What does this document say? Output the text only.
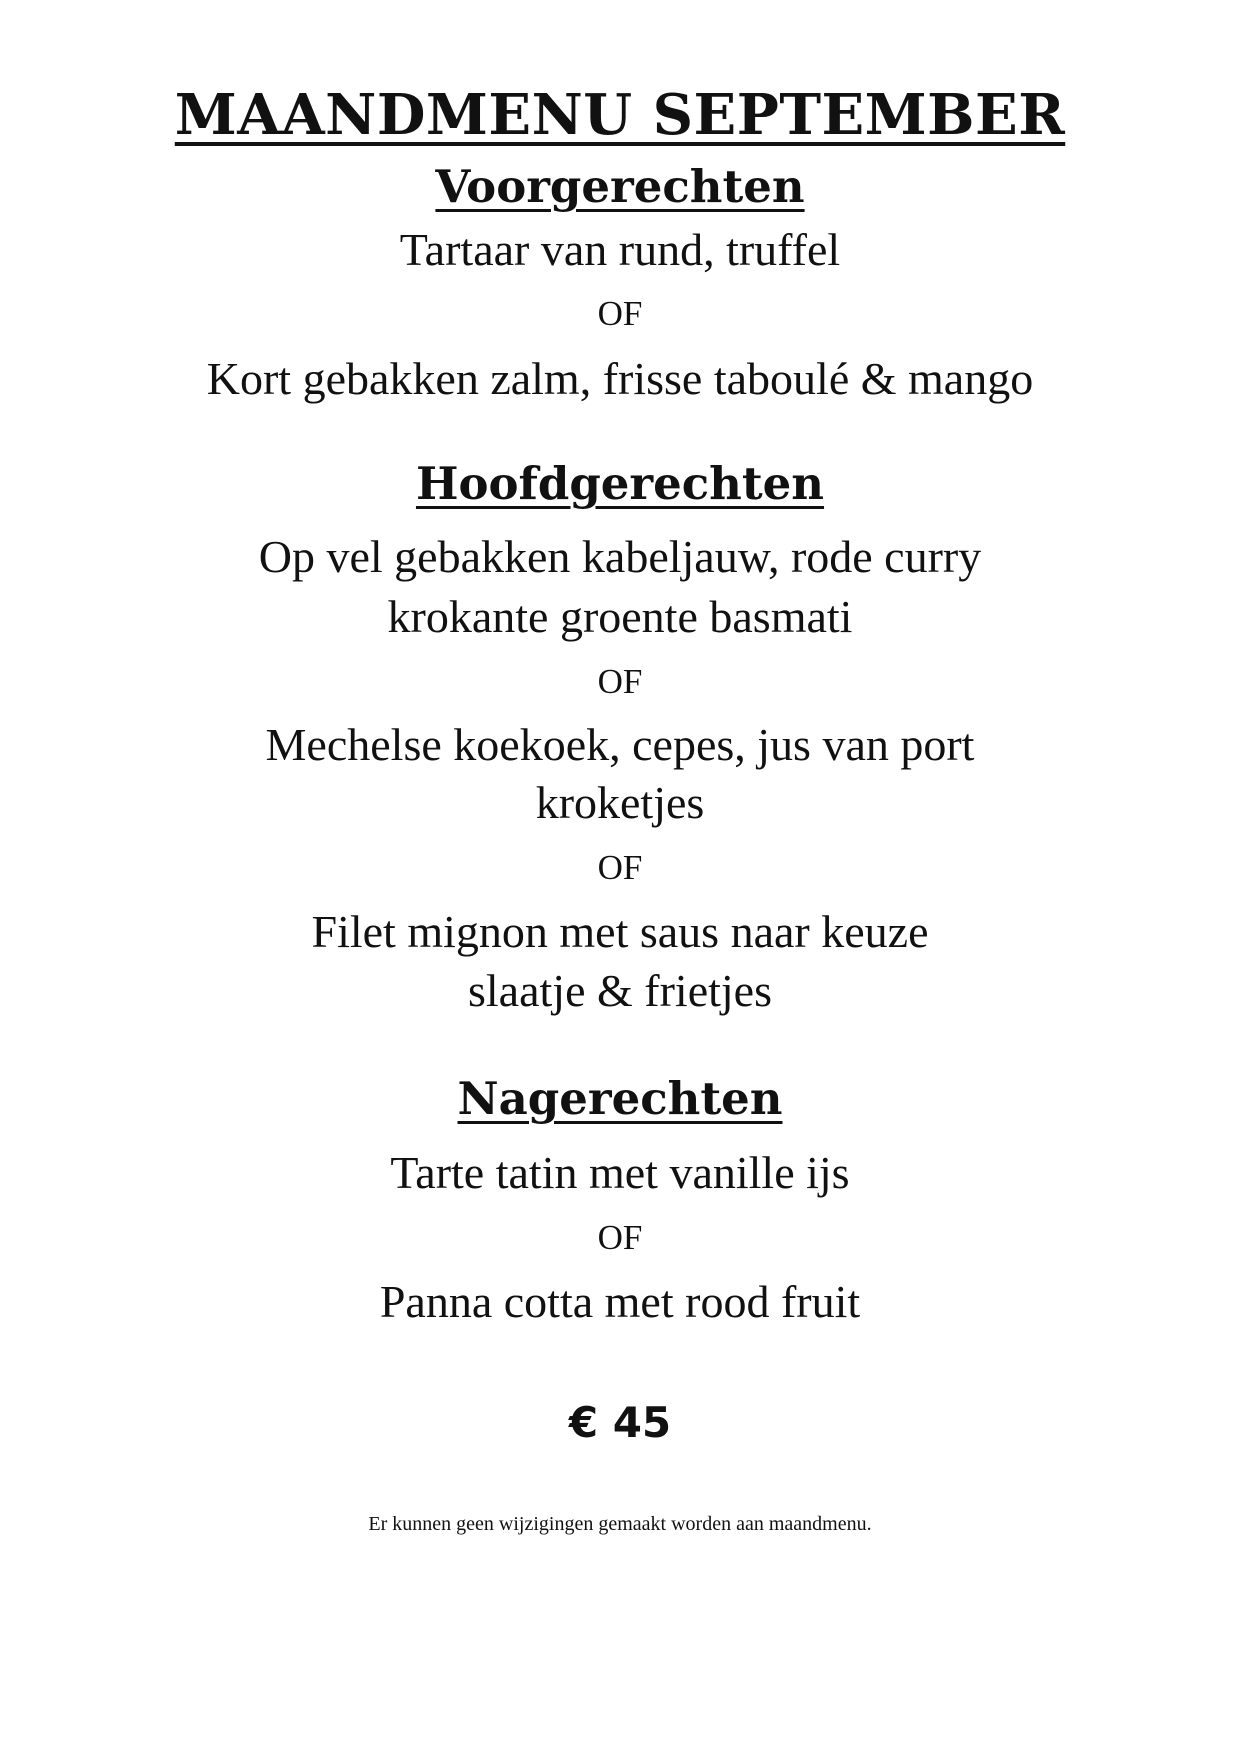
MAANDMENU SEPTEMBER
Voorgerechten
Tartaar van rund, truffel
OF
Kort gebakken zalm, frisse taboulé & mango
Hoofdgerechten
Op vel gebakken kabeljauw, rode curry
krokante groente basmati
OF
Mechelse koekoek, cepes, jus van port
kroketjes
OF
Filet mignon met saus naar keuze
slaatje & frietjes
Nagerechten
Tarte tatin met vanille ijs
OF
Panna cotta met rood fruit
€ 45
Er kunnen geen wijzigingen gemaakt worden aan maandmenu.
